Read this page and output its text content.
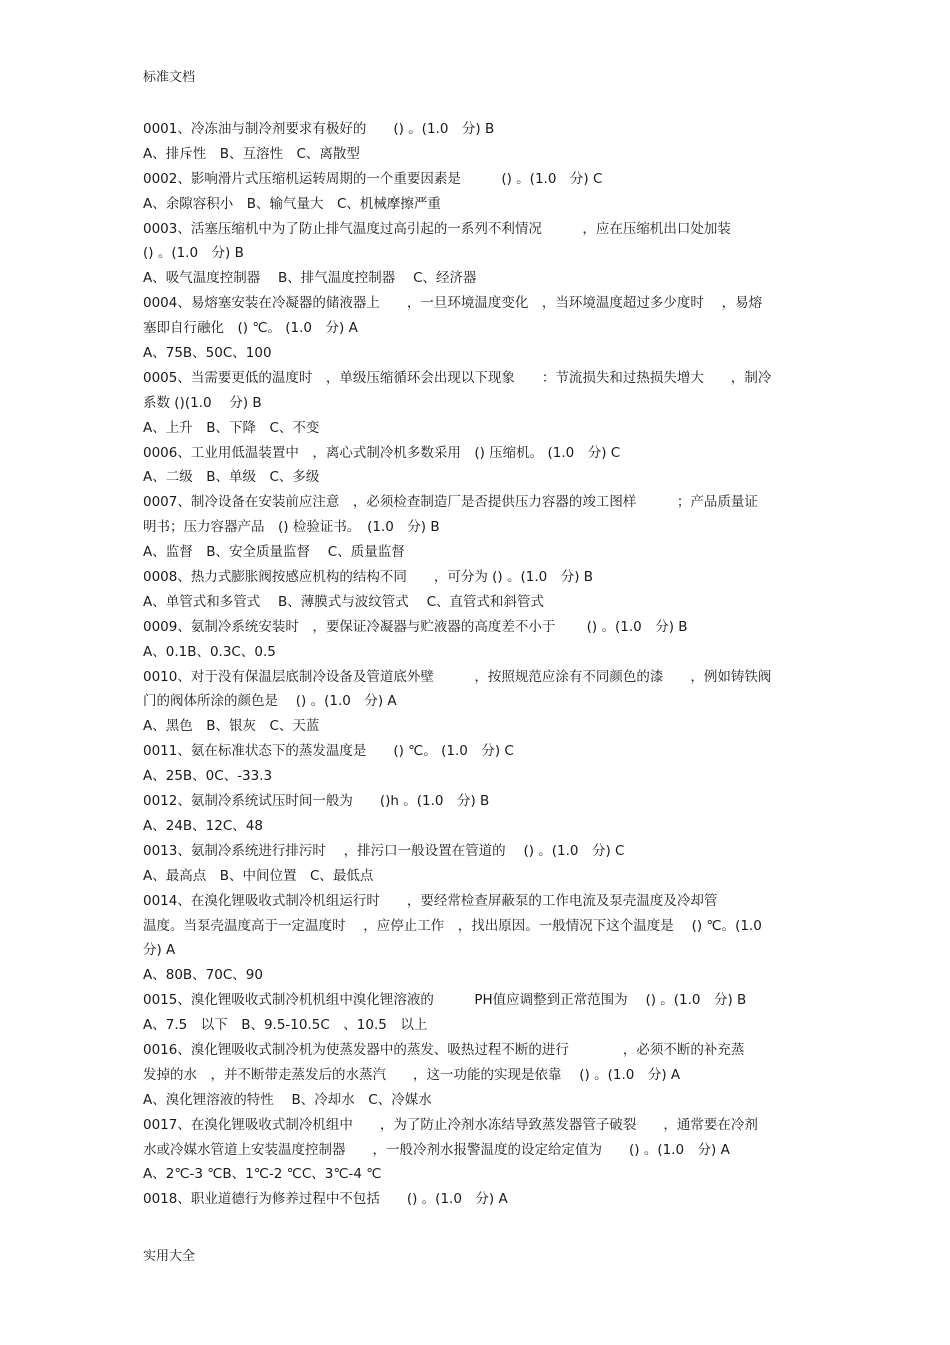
标准文档
0001、冷冻油与制冷剂要求有极好的　　() 。(1.0　分) B
A、排斥性　B、互溶性　C、离散型
0002、影响滑片式压缩机运转周期的一个重要因素是　　　() 。(1.0　分) C
A、余隙容积小　B、输气量大　C、机械摩擦严重
0003、活塞压缩机中为了防止排气温度过高引起的一系列不利情况　　　，应在压缩机出口处加装
() 。(1.0　分) B
A、吸气温度控制器　 B、排气温度控制器　 C、经济器
0004、易熔塞安装在冷凝器的储液器上　　，一旦环境温度变化　，当环境温度超过多少度时　 ，易熔
塞即自行融化　() ℃。 (1.0　分) A
A、75B、50C、100
0005、当需要更低的温度时　，单级压缩循环会出现以下现象　　：节流损失和过热损失增大　　，制冷
系数 ()(1.0　 分) B
A、上升　B、下降　C、不变
0006、工业用低温装置中　，离心式制冷机多数采用　() 压缩机。 (1.0　分) C
A、二级　B、单级　C、多级
0007、制冷设备在安装前应注意　，必须检查制造厂是否提供压力容器的竣工图样　　　；产品质量证
明书；压力容器产品　() 检验证书。　(1.0　分) B
A、监督　B、安全质量监督　 C、质量监督
0008、热力式膨胀阀按感应机构的结构不同　　，可分为 () 。(1.0　分) B
A、单管式和多管式　 B、薄膜式与波纹管式　 C、直管式和斜管式
0009、氨制冷系统安装时　，要保证冷凝器与贮液器的高度差不小于　　 () 。(1.0　分) B
A、0.1B、0.3C、0.5
0010、对于没有保温层底制冷设备及管道底外壁　　　，按照规范应涂有不同颜色的漆　　，例如铸铁阀
门的阀体所涂的颜色是　 () 。(1.0　分) A
A、黑色　B、银灰　C、天蓝
0011、氨在标准状态下的蒸发温度是　　() ℃。 (1.0　分) C
A、25B、0C、-33.3
0012、氨制冷系统试压时间一般为　　()h 。(1.0　分) B
A、24B、12C、48
0013、氨制冷系统进行排污时　 ，排污口一般设置在管道的　 () 。(1.0　分) C
A、最高点　B、中间位置　C、最低点
0014、在溴化锂吸收式制冷机组运行时　　，要经常检查屏蔽泵的工作电流及泵壳温度及冷却管
温度。当泵壳温度高于一定温度时　 ，应停止工作　，找出原因。一般情况下这个温度是　 () ℃。(1.0
分) A
A、80B、70C、90
0015、溴化锂吸收式制冷机机组中溴化锂溶液的　　　PH值应调整到正常范围为　 () 。(1.0　分) B
A、7.5　以下　B、9.5-10.5C　、10.5　以上
0016、溴化锂吸收式制冷机为使蒸发器中的蒸发、吸热过程不断的进行　　　　，必须不断的补充蒸
发掉的水　，并不断带走蒸发后的水蒸汽　　，这一功能的实现是依靠　 () 。(1.0　分) A
A、溴化锂溶液的特性　 B、冷却水　C、冷媒水
0017、在溴化锂吸收式制冷机组中　　，为了防止冷剂水冻结导致蒸发器管子破裂　　，通常要在冷剂
水或冷媒水管道上安装温度控制器　　，一般冷剂水报警温度的设定给定值为　　() 。(1.0　分) A
A、2℃-3 ℃B、1℃-2 ℃C、3℃-4 ℃
0018、职业道德行为修养过程中不包括　　() 。(1.0　分) A
实用大全
